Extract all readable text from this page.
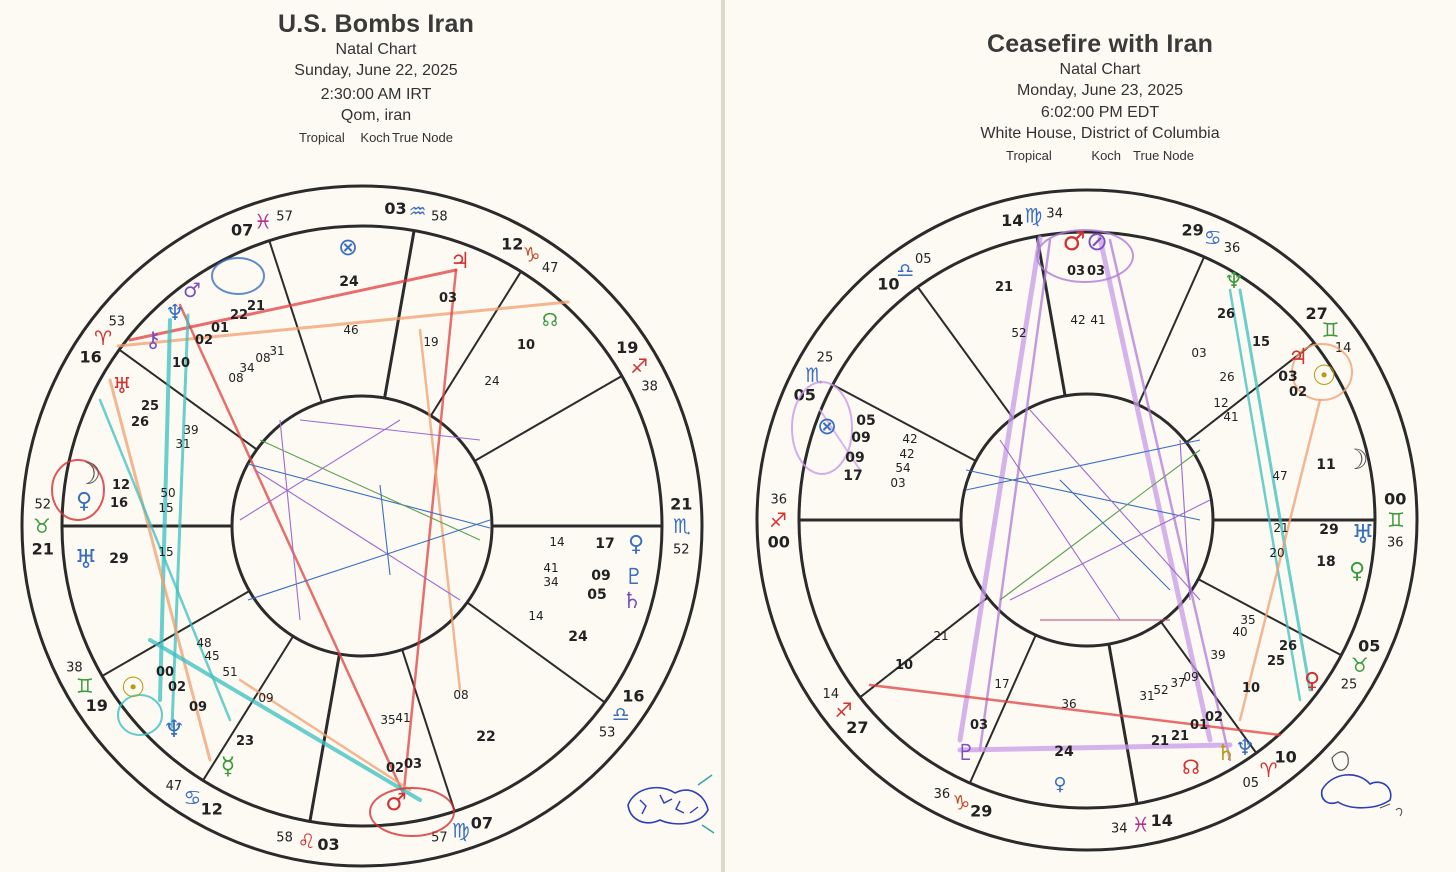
U.S. Bombs Iran
Natal Chart
Sunday, June 22, 2025
2:30:00 AM IRT
Qom, iran
Tropical Koch True Node
Ceasefire with Iran
Natal Chart
Monday, June 23, 2025
6:02:00 PM EDT
White House, District of Columbia
Tropical	Koch True Node
21
♉
52
16
♈
53
07 ♓ 57	03 ♒ 58
12 ♑
47
19
♐
38
21
♏
52
16
♎
53
07
♍
57
03
♌
58
12
♋
47
19
♊
38
12
16
25
26	39
31
50
15
29 15
48
45
51
00
02
09
09
23
35 41
02 03
08
22
14 17
41
34 09
05
14
24
10
24
19
03
24
46
21
22
01
02
10
08
34
08
31
☽
♀
♅
☉
♆
♂
☿
⊗
♃
♀
♇
♄
☊
⚷
♆
♂
♅
00
♐
36
05
♏
25
10
♎ 05
14 ♍ 34
29 ♋ 36
27
♊
14
00
♊
36
05
♉
25
10
♈
05
14
♓
34
29
♑
36
27
♐
14
03 03
42 41
21
52
26
15
03
26
12
41
03
02
47
11
21 29
20
18
05
09
09
17
42
42
54
03
35
40
26
25
39
10
17
03
36
24
31
52 37
09
02
21 21
01
21
10
♂ ⊘
☉
♃
♆
☽
♅
♀
⊗
♀
♄ ♆
♇
☊
♀
